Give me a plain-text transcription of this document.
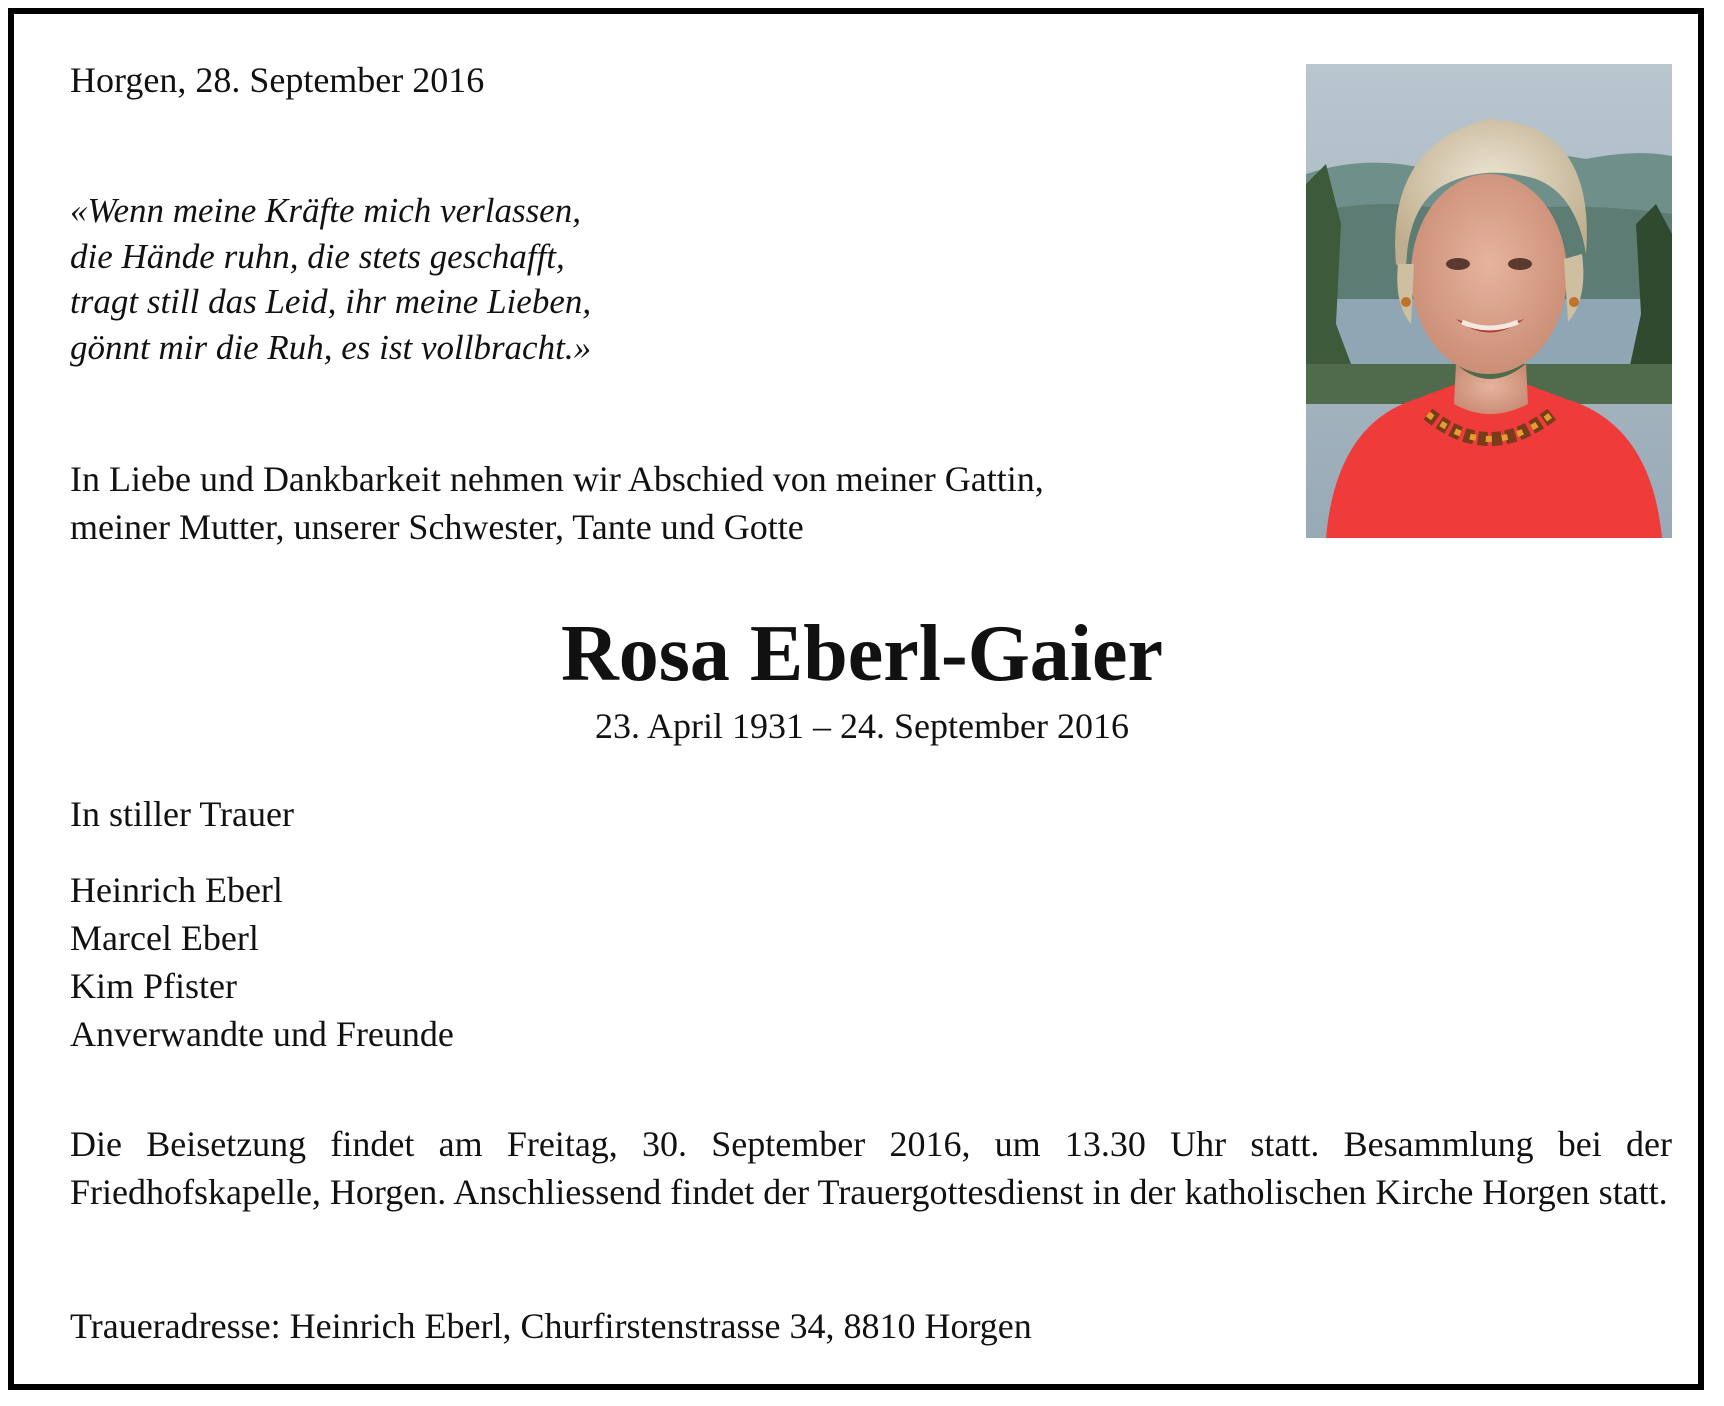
Horgen, 28. September 2016
«Wenn meine Kräfte mich verlassen,
die Hände ruhn, die stets geschafft,
tragt still das Leid, ihr meine Lieben,
gönnt mir die Ruh, es ist vollbracht.»
In Liebe und Dankbarkeit nehmen wir Abschied von meiner Gattin,
meiner Mutter, unserer Schwester, Tante und Gotte
Rosa Eberl-Gaier
23. April 1931 – 24. September 2016
In stiller Trauer
Heinrich Eberl
Marcel Eberl
Kim Pfister
Anverwandte und Freunde
Die Beisetzung findet am Freitag, 30. September 2016, um 13.30 Uhr statt. Besammlung bei der Friedhofskapelle, Horgen. Anschliessend findet der Trauergottesdienst in der katholischen Kirche Horgen statt.
Traueradresse: Heinrich Eberl, Churfirstenstrasse 34, 8810 Horgen
